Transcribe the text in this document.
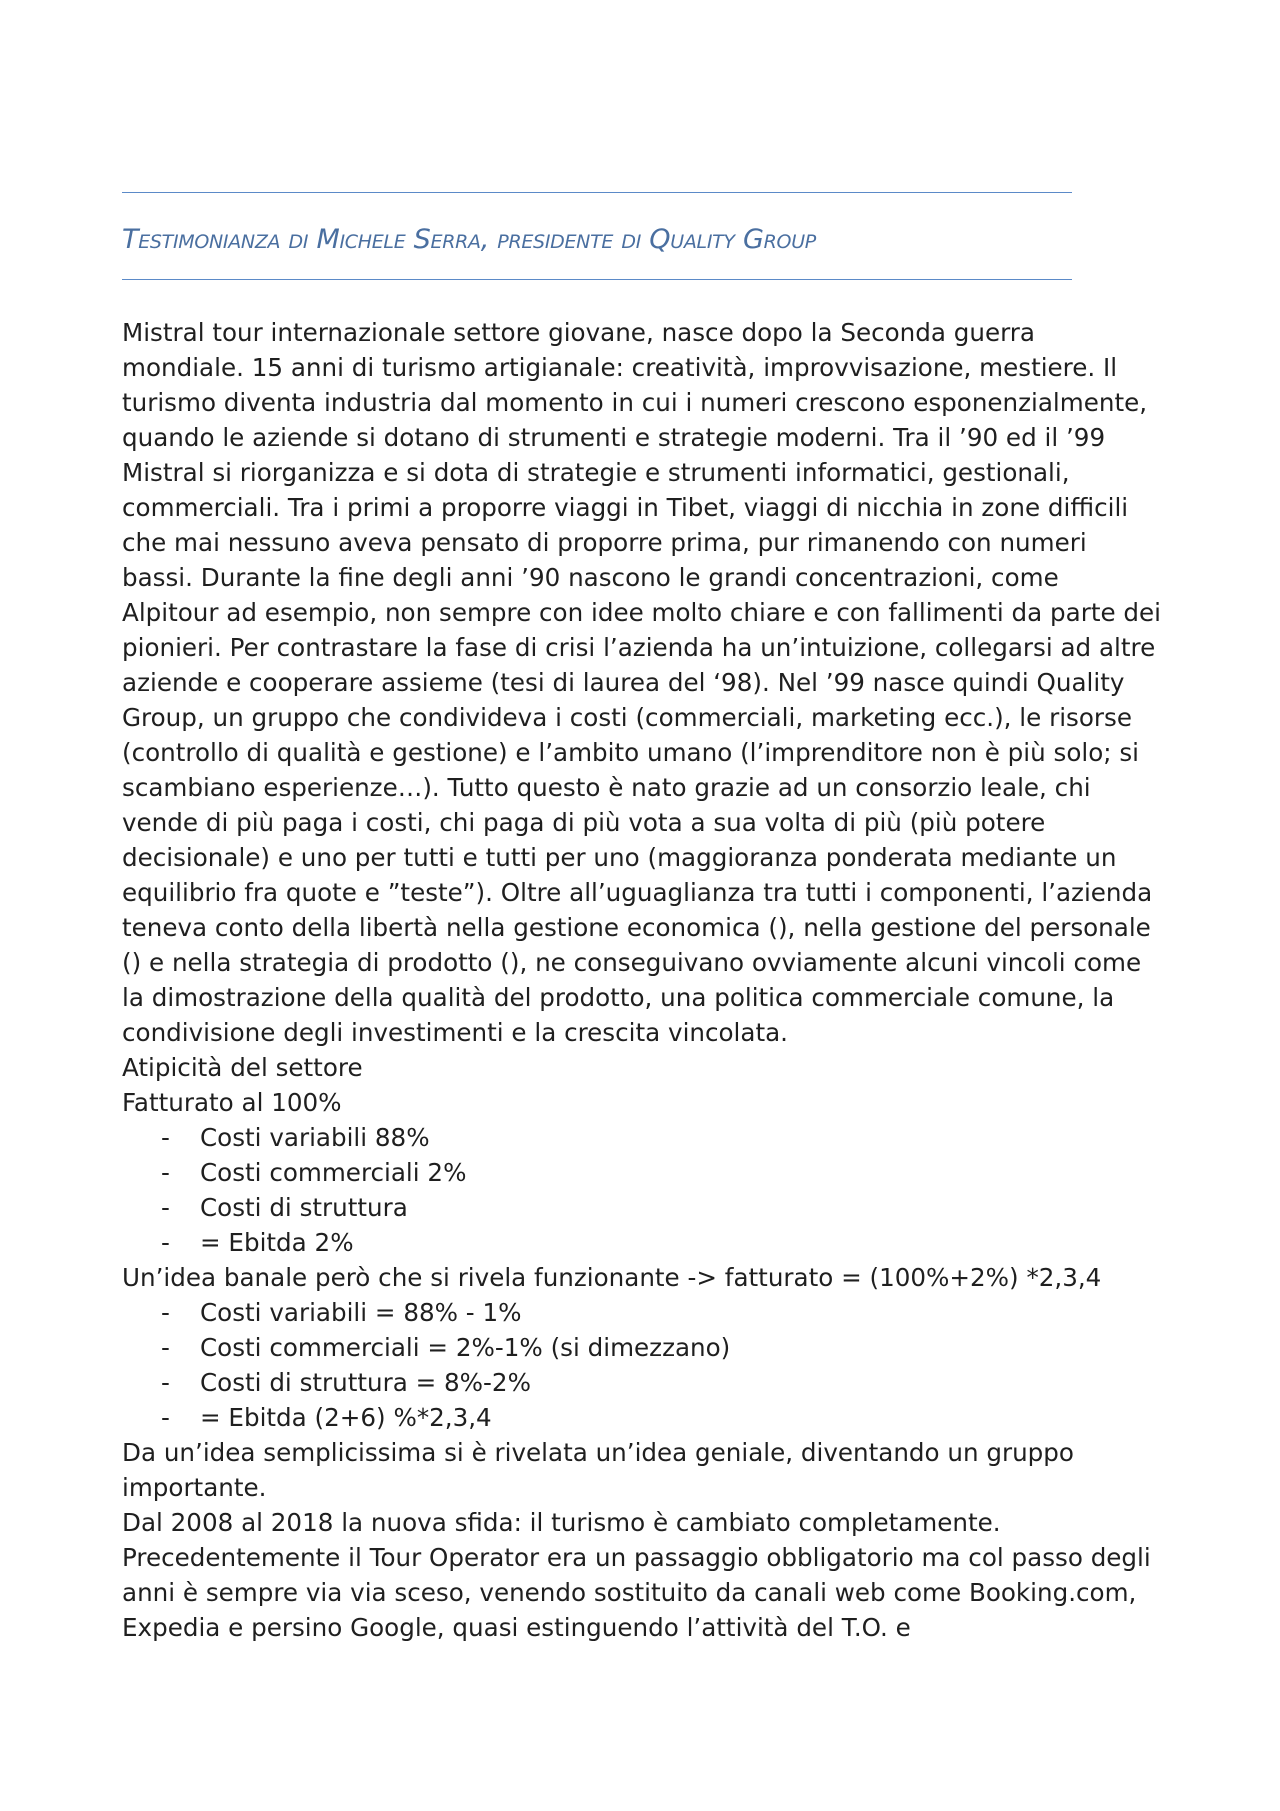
Testimonianza di Michele Serra, presidente di Quality Group

Mistral tour internazionale settore giovane, nasce dopo la Seconda guerra mondiale. 15 anni di turismo artigianale: creatività, improvvisazione, mestiere. Il turismo diventa industria dal momento in cui i numeri crescono esponenzialmente, quando le aziende si dotano di strumenti e strategie moderni. Tra il ’90 ed il ’99 Mistral si riorganizza e si dota di strategie e strumenti informatici, gestionali, commerciali. Tra i primi a proporre viaggi in Tibet, viaggi di nicchia in zone difficili che mai nessuno aveva pensato di proporre prima, pur rimanendo con numeri bassi. Durante la fine degli anni ’90 nascono le grandi concentrazioni, come Alpitour ad esempio, non sempre con idee molto chiare e con fallimenti da parte dei pionieri. Per contrastare la fase di crisi l’azienda ha un’intuizione, collegarsi ad altre aziende e cooperare assieme (tesi di laurea del ‘98). Nel ’99 nasce quindi Quality Group, un gruppo che condivideva i costi (commerciali, marketing ecc.), le risorse (controllo di qualità e gestione) e l’ambito umano (l’imprenditore non è più solo; si scambiano esperienze…). Tutto questo è nato grazie ad un consorzio leale, chi vende di più paga i costi, chi paga di più vota a sua volta di più (più potere decisionale) e uno per tutti e tutti per uno (maggioranza ponderata mediante un equilibrio fra quote e ”teste”). Oltre all’uguaglianza tra tutti i componenti, l’azienda teneva conto della libertà nella gestione economica (), nella gestione del personale () e nella strategia di prodotto (), ne conseguivano ovviamente alcuni vincoli come la dimostrazione della qualità del prodotto, una politica commerciale comune, la condivisione degli investimenti e la crescita vincolata.

Atipicità del settore

Fatturato al 100%

- Costi variabili 88%
- Costi commerciali 2%
- Costi di struttura
- = Ebitda 2%

Un’idea banale però che si rivela funzionante -> fatturato = (100%+2%) *2,3,4

- Costi variabili = 88% - 1%
- Costi commerciali = 2%-1% (si dimezzano)
- Costi di struttura = 8%-2%
- = Ebitda (2+6) %*2,3,4

Da un’idea semplicissima si è rivelata un’idea geniale, diventando un gruppo importante.

Dal 2008 al 2018 la nuova sfida: il turismo è cambiato completamente. Precedentemente il Tour Operator era un passaggio obbligatorio ma col passo degli anni è sempre via via sceso, venendo sostituito da canali web come Booking.com, Expedia e persino Google, quasi estinguendo l’attività del T.O. e
